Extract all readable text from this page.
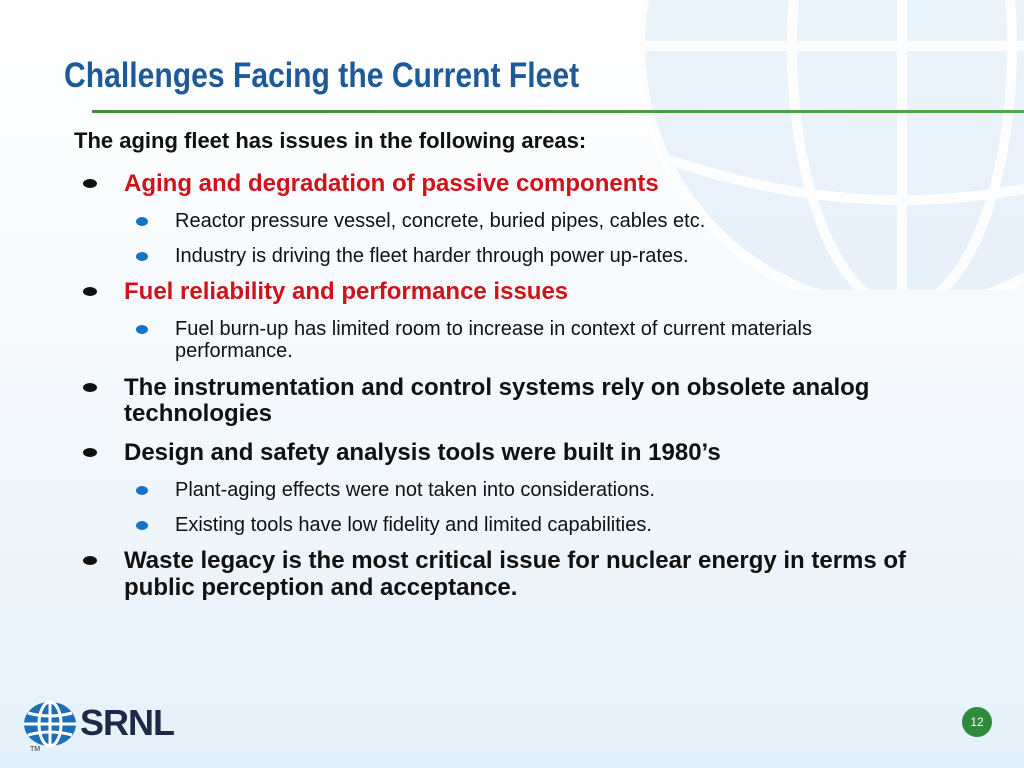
Challenges Facing the Current Fleet

The aging fleet has issues in the following areas:

Aging and degradation of passive components
Reactor pressure vessel, concrete, buried pipes, cables etc.
Industry is driving the fleet harder through power up-rates.
Fuel reliability and performance issues
Fuel burn-up has limited room to increase in context of current materials performance.
The instrumentation and control systems rely on obsolete analog technologies
Design and safety analysis tools were built in 1980’s
Plant-aging effects were not taken into considerations.
Existing tools have low fidelity and limited capabilities.
Waste legacy is the most critical issue for nuclear energy in terms of public perception and acceptance.
SRNL
TM
12
